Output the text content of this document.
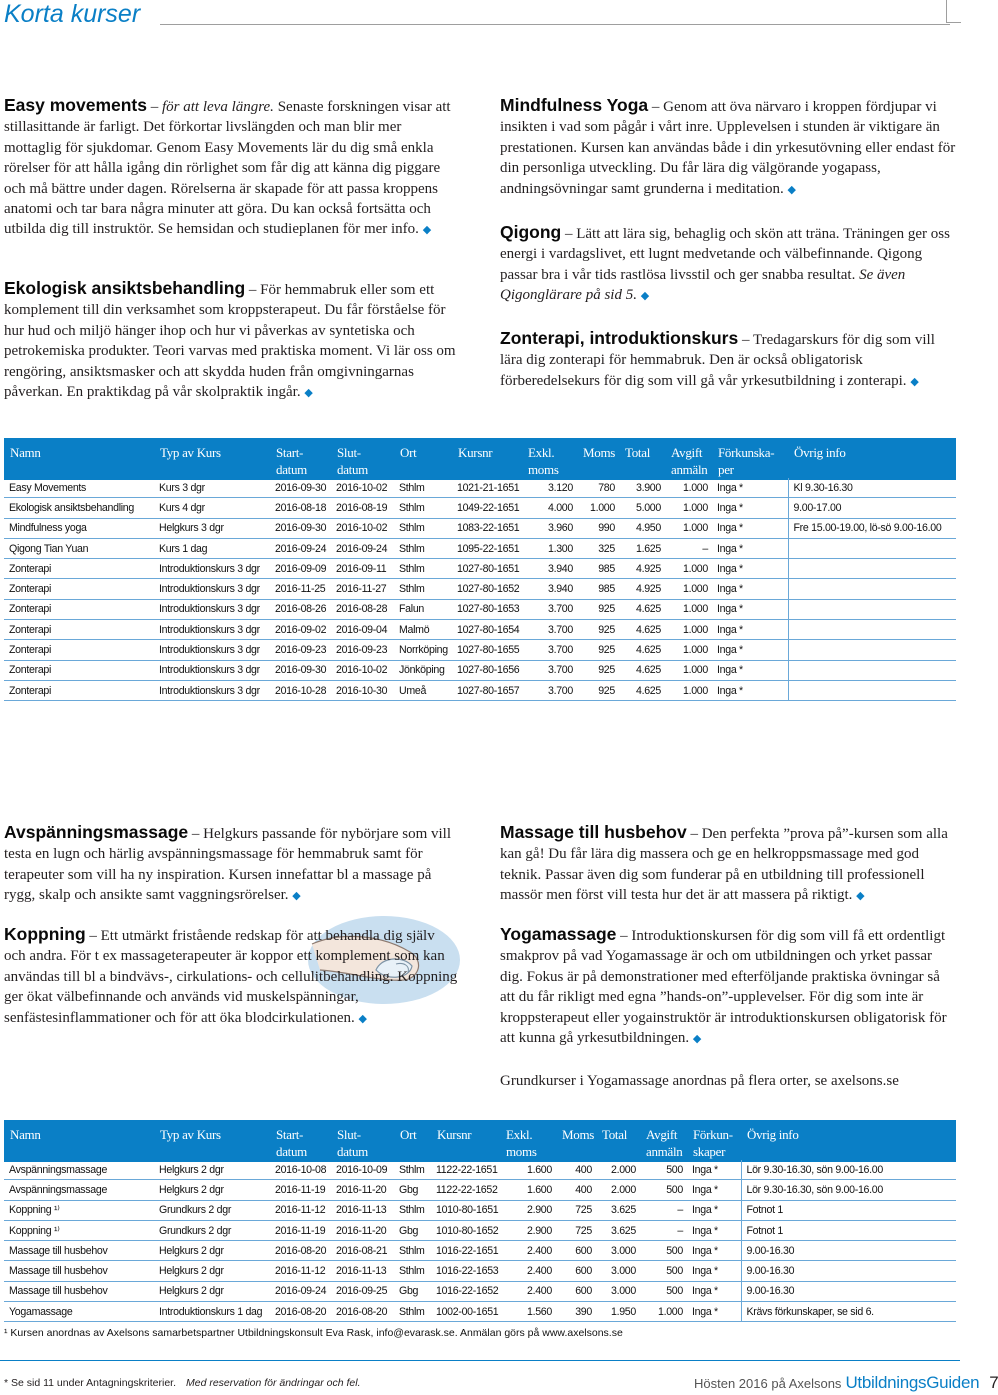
Korta kurser
Easy movements – för att leva längre. Senaste forskningen visar att stillasittande är farligt. Det förkortar livslängden och man blir mer mottaglig för sjukdomar. Genom Easy Movements lär du dig små enkla rörelser för att hålla igång din rörlighet som får dig att känna dig piggare och må bättre under dagen. Rörelserna är skapade för att passa kroppens anatomi och tar bara några minuter att göra. Du kan också fortsätta och utbilda dig till instruktör. Se hemsidan och studieplanen för mer info. ◆
Ekologisk ansiktsbehandling – För hemmabruk eller som ett komplement till din verksamhet som kroppsterapeut. Du får förståelse för hur hud och miljö hänger ihop och hur vi påverkas av syntetiska och petrokemiska produkter. Teori varvas med praktiska moment. Vi lär oss om rengöring, ansiktsmasker och att skydda huden från omgivningarnas påverkan. En praktikdag på vår skolpraktik ingår. ◆
Mindfulness Yoga – Genom att öva närvaro i kroppen fördjupar vi insikten i vad som pågår i vårt inre. Upplevelsen i stunden är viktigare än prestationen. Kursen kan användas både i din yrkesutövning eller endast för din personliga utveckling. Du får lära dig välgörande yogapass, andningsövningar samt grunderna i meditation. ◆
Qigong – Lätt att lära sig, behaglig och skön att träna. Träningen ger oss energi i vardagslivet, ett lugnt medvetande och välbefinnande. Qigong passar bra i vår tids rastlösa livsstil och ger snabba resultat. Se även Qigonglärare på sid 5. ◆
Zonterapi, introduktionskurs – Tredagarskurs för dig som vill lära dig zonterapi för hemmabruk. Den är också obligatorisk förberedelsekurs för dig som vill gå vår yrkesutbildning i zonterapi. ◆
Namn	Typ av Kurs	Start-
datum	Slut-
datum	Ort	Kursnr	Exkl.
moms	Moms	Total	Avgift
anmäln	Förkunska-
per	Övrig info
Easy Movements	Kurs 3 dgr	2016-09-30	2016-10-02	Sthlm	1021-21-1651	3.120	780	3.900	1.000	Inga *	Kl 9.30-16.30
Ekologisk ansiktsbehandling	Kurs 4 dgr	2016-08-18	2016-08-19	Sthlm	1049-22-1651	4.000	1.000	5.000	1.000	Inga *	9.00-17.00
Mindfulness yoga	Helgkurs 3 dgr	2016-09-30	2016-10-02	Sthlm	1083-22-1651	3.960	990	4.950	1.000	Inga *	Fre 15.00-19.00, lö-sö 9.00-16.00
Qigong Tian Yuan	Kurs 1 dag	2016-09-24	2016-09-24	Sthlm	1095-22-1651	1.300	325	1.625	–	Inga *	
Zonterapi	Introduktionskurs 3 dgr	2016-09-09	2016-09-11	Sthlm	1027-80-1651	3.940	985	4.925	1.000	Inga *	
Zonterapi	Introduktionskurs 3 dgr	2016-11-25	2016-11-27	Sthlm	1027-80-1652	3.940	985	4.925	1.000	Inga *	
Zonterapi	Introduktionskurs 3 dgr	2016-08-26	2016-08-28	Falun	1027-80-1653	3.700	925	4.625	1.000	Inga *	
Zonterapi	Introduktionskurs 3 dgr	2016-09-02	2016-09-04	Malmö	1027-80-1654	3.700	925	4.625	1.000	Inga *	
Zonterapi	Introduktionskurs 3 dgr	2016-09-23	2016-09-23	Norrköping	1027-80-1655	3.700	925	4.625	1.000	Inga *	
Zonterapi	Introduktionskurs 3 dgr	2016-09-30	2016-10-02	Jönköping	1027-80-1656	3.700	925	4.625	1.000	Inga *	
Zonterapi	Introduktionskurs 3 dgr	2016-10-28	2016-10-30	Umeå	1027-80-1657	3.700	925	4.625	1.000	Inga *	
Avspänningsmassage – Helgkurs passande för nybörjare som vill testa en lugn och härlig avspänningsmassage för hemmabruk samt för terapeuter som vill ha ny inspiration. Kursen innefattar bl a massage på rygg, skalp och ansikte samt vaggningsrörelser. ◆
Koppning – Ett utmärkt fristående redskap för att behandla dig själv och andra. För t ex massageterapeuter är koppor ett komplement som kan användas till bl a bindvävs-, cirkulations- och cellulitbehandling. Koppning ger ökat välbefinnande och används vid muskelspänningar, senfästesinflammationer och för att öka blodcirkulationen. ◆
Massage till husbehov – Den perfekta ”prova på”-kursen som alla kan gå! Du får lära dig massera och ge en helkroppsmassage med god teknik. Passar även dig som funderar på en utbildning till professionell massör men först vill testa hur det är att massera på riktigt. ◆
Yogamassage – Introduktionskursen för dig som vill få ett ordentligt smakprov på vad Yogamassage är och om utbildningen och yrket passar dig. Fokus är på demonstrationer med efterföljande praktiska övningar så att du får rikligt med egna ”hands-on”-upplevelser. För dig som inte är kroppsterapeut eller yogainstruktör är introduktionskursen obligatorisk för att kunna gå yrkesutbildningen. ◆
Grundkurser i Yogamassage anordnas på flera orter, se axelsons.se
Namn	Typ av Kurs	Start-
datum	Slut-
datum	Ort	Kursnr	Exkl.
moms	Moms	Total	Avgift
anmäln	Förkun-
skaper	Övrig info
Avspänningsmassage	Helgkurs 2 dgr	2016-10-08	2016-10-09	Sthlm	1122-22-1651	1.600	400	2.000	500	Inga *	Lör 9.30-16.30, sön 9.00-16.00
Avspänningsmassage	Helgkurs 2 dgr	2016-11-19	2016-11-20	Gbg	1122-22-1652	1.600	400	2.000	500	Inga *	Lör 9.30-16.30, sön 9.00-16.00
Koppning ¹⁾	Grundkurs 2 dgr	2016-11-12	2016-11-13	Sthlm	1010-80-1651	2.900	725	3.625	–	Inga *	Fotnot 1
Koppning ¹⁾	Grundkurs 2 dgr	2016-11-19	2016-11-20	Gbg	1010-80-1652	2.900	725	3.625	–	Inga *	Fotnot 1
Massage till husbehov	Helgkurs 2 dgr	2016-08-20	2016-08-21	Sthlm	1016-22-1651	2.400	600	3.000	500	Inga *	9.00-16.30
Massage till husbehov	Helgkurs 2 dgr	2016-11-12	2016-11-13	Sthlm	1016-22-1653	2.400	600	3.000	500	Inga *	9.00-16.30
Massage till husbehov	Helgkurs 2 dgr	2016-09-24	2016-09-25	Gbg	1016-22-1652	2.400	600	3.000	500	Inga *	9.00-16.30
Yogamassage	Introduktionskurs 1 dag	2016-08-20	2016-08-20	Sthlm	1002-00-1651	1.560	390	1.950	1.000	Inga *	Krävs förkunskaper, se sid 6.
¹ Kursen anordnas av Axelsons samarbetspartner Utbildningskonsult Eva Rask, info@evarask.se. Anmälan görs på www.axelsons.se
* Se sid 11 under Antagningskriterier. Med reservation för ändringar och fel.	Hösten 2016 på Axelsons UtbildningsGuiden 7
